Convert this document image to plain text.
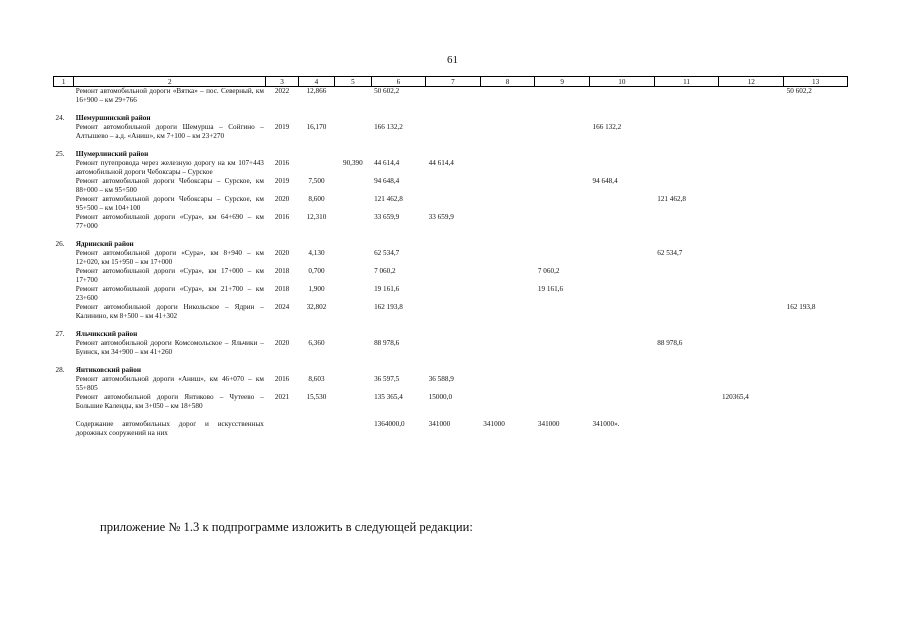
61
1	2	3	4	5	6	7	8	9	10	11	12	13
	Ремонт автомобильной дороги «Вятка» – пос. Северный, км 16+900 – км 29+766	2022	12,866		50 602,2							50 602,2

24.	Шемуршинский район											
	Ремонт автомобильной дороги Шемурша – Сойгино – Алтышево – а.д. «Аниш», км 7+100 – км 23+270	2019	16,170		166 132,2				166 132,2			

25.	Шумерлинский район											
	Ремонт путепровода через железную дорогу на км 107+443 автомобильной дороги Чебоксары – Сурское	2016		90,390	44 614,4	44 614,4						
	Ремонт автомобильной дороги Чебоксары – Сурское, км 88+000 – км 95+500	2019	7,500		94 648,4				94 648,4			
	Ремонт автомобильной дороги Чебоксары – Сурское, км 95+500 – км 104+100	2020	8,600		121 462,8					121 462,8		
	Ремонт автомобильной дороги «Сура», км 64+690 – км 77+000	2016	12,310		33 659,9	33 659,9						

26.	Ядринский район											
	Ремонт автомобильной дороги «Сура», км 8+940 – км 12+020, км 15+950 – км 17+000	2020	4,130		62 534,7					62 534,7		
	Ремонт автомобильной дороги «Сура», км 17+000 – км 17+700	2018	0,700		7 060,2			7 060,2				
	Ремонт автомобильной дороги «Сура», км 21+700 – км 23+600	2018	1,900		19 161,6			19 161,6				
	Ремонт автомобильной дороги Никольское – Ядрин – Калинино, км 8+500 – км 41+302	2024	32,802		162 193,8							162 193,8

27.	Яльчикский район											
	Ремонт автомобильной дороги Комсомольское – Яльчики – Буинск, км 34+900 – км 41+260	2020	6,360		88 978,6					88 978,6		

28.	Янтиковский район											
	Ремонт автомобильной дороги «Аниш», км 46+070 – км 55+805	2016	8,603		36 597,5	36 588,9						
	Ремонт автомобильной дороги Янтиково – Чутеево – Большие Календы, км 3+050 – км 18+580	2021	15,530		135 365,4	15000,0					120365,4	

	Содержание автомобильных дорог и искусственных дорожных сооружений на них				1364000,0	341000	341000	341000	341000».			
приложение № 1.3 к подпрограмме изложить в следующей редакции:
